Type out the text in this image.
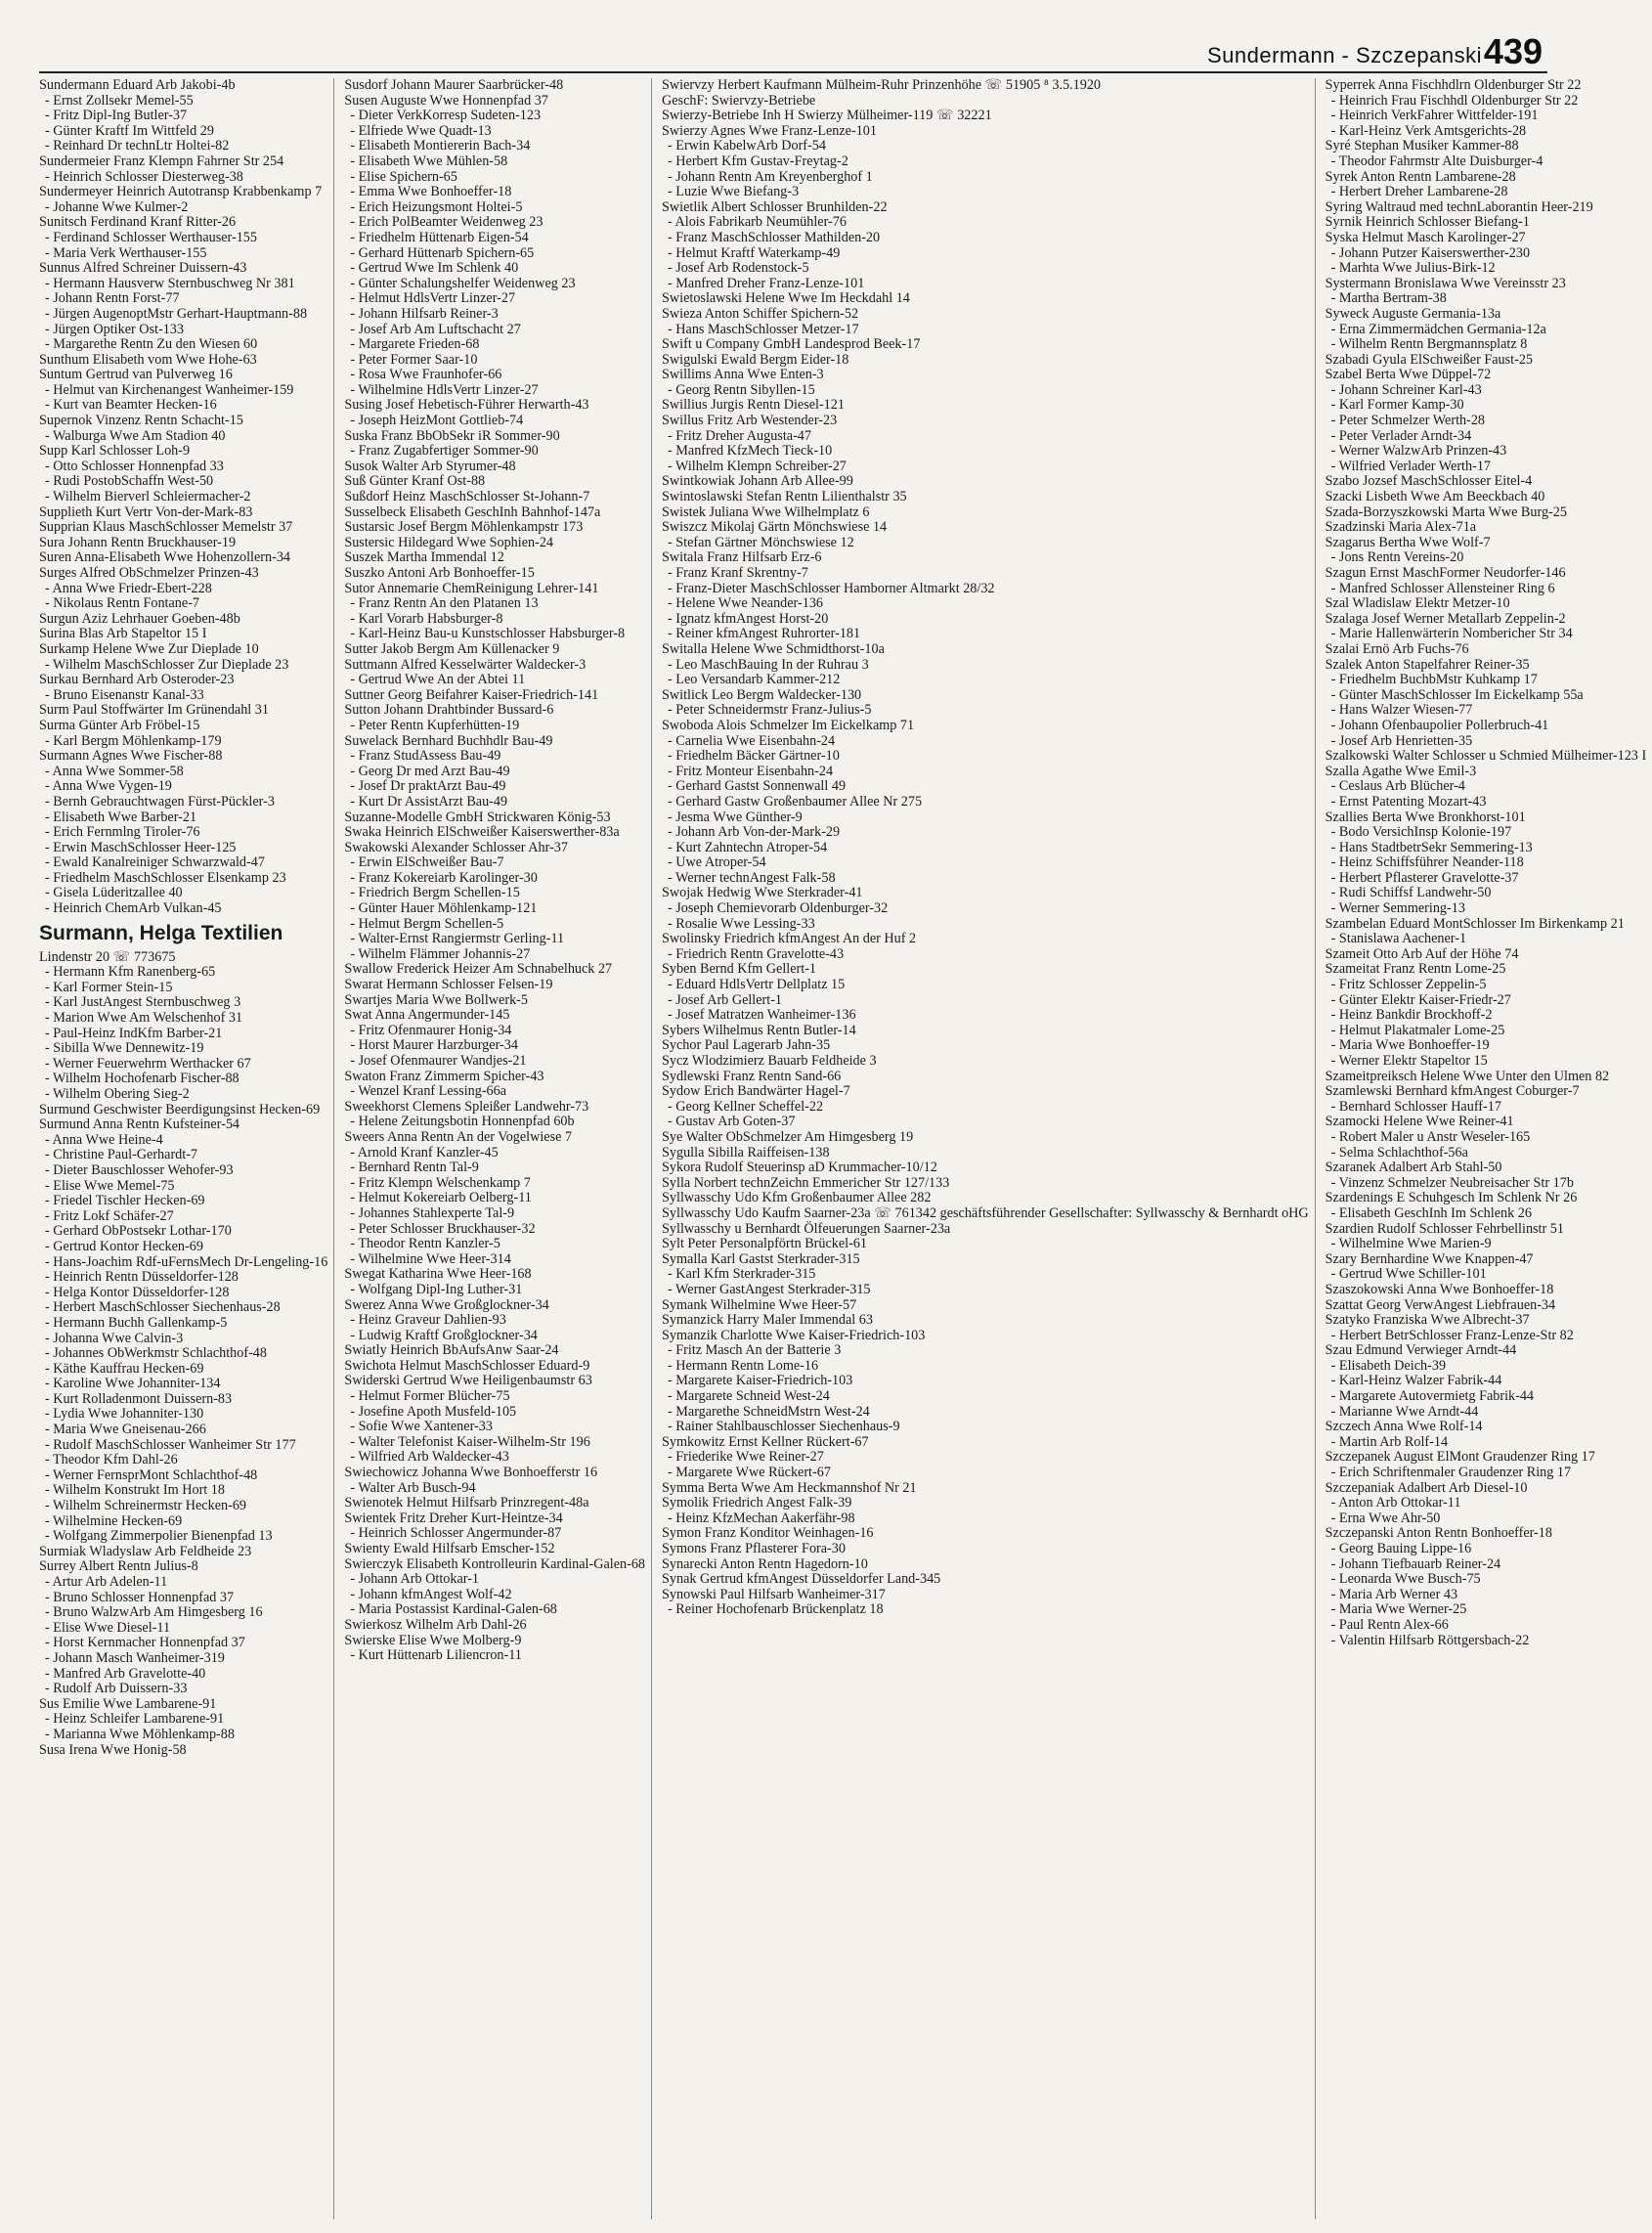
Sundermann - Szczepanski 439
Sundermann Eduard Arb Jakobi-4b
- Ernst Zollsekr Memel-55
- Fritz Dipl-Ing Butler-37
- Günter Kraftf Im Wittfeld 29
- Reinhard Dr technLtr Holtei-82
Sundermeier Franz Klempn Fahrner Str 254
- Heinrich Schlosser Diesterweg-38
Sundermeyer Heinrich Autotransp Krabbenkamp 7
- Johanne Wwe Kulmer-2
Sunitsch Ferdinand Kranf Ritter-26
- Ferdinand Schlosser Werthauser-155
- Maria Verk Werthauser-155
Sunnus Alfred Schreiner Duissern-43
- Hermann Hausverw Sternbuschweg Nr 381
- Johann Rentn Forst-77
- Jürgen AugenoptMstr Gerhart-Hauptmann-88
- Jürgen Optiker Ost-133
- Margarethe Rentn Zu den Wiesen 60
Sunthum Elisabeth vom Wwe Hohe-63
Suntum Gertrud van Pulverweg 16
- Helmut van Kirchenangest Wanheimer-159
- Kurt van Beamter Hecken-16
Supernok Vinzenz Rentn Schacht-15
- Walburga Wwe Am Stadion 40
Supp Karl Schlosser Loh-9
- Otto Schlosser Honnenpfad 33
- Rudi PostobSchaffn West-50
- Wilhelm Bierverl Schleiermacher-2
Supplieth Kurt Vertr Von-der-Mark-83
Supprian Klaus MaschSchlosser Memelstr 37
Sura Johann Rentn Bruckhauser-19
Suren Anna-Elisabeth Wwe Hohenzollern-34
Surges Alfred ObSchmelzer Prinzen-43
- Anna Wwe Friedr-Ebert-228
- Nikolaus Rentn Fontane-7
Surgun Aziz Lehrhauer Goeben-48b
Surina Blas Arb Stapeltor 15 I
Surkamp Helene Wwe Zur Dieplade 10
- Wilhelm MaschSchlosser Zur Dieplade 23
Surkau Bernhard Arb Osteroder-23
- Bruno Eisenanstr Kanal-33
Surm Paul Stoffwärter Im Grünendahl 31
Surma Günter Arb Fröbel-15
- Karl Bergm Möhlenkamp-179
Surmann Agnes Wwe Fischer-88
- Anna Wwe Sommer-58
- Anna Wwe Vygen-19
- Bernh Gebrauchtwagen Fürst-Pückler-3
- Elisabeth Wwe Barber-21
- Erich Fernmlng Tiroler-76
- Erwin MaschSchlosser Heer-125
- Ewald Kanalreiniger Schwarzwald-47
- Friedhelm MaschSchlosser Elsenkamp 23
- Gisela Lüderitzallee 40
- Heinrich ChemArb Vulkan-45
Surmann, Helga Textilien
Lindenstr 20 ☏ 773675
- Hermann Kfm Ranenberg-65
- Karl Former Stein-15
- Karl JustAngest Sternbuschweg 3
- Marion Wwe Am Welschenhof 31
- Paul-Heinz IndKfm Barber-21
- Sibilla Wwe Dennewitz-19
- Werner Feuerwehrm Werthacker 67
- Wilhelm Hochofenarb Fischer-88
- Wilhelm Obering Sieg-2
Surmund Geschwister Beerdigungsinst Hecken-69
Surmund Anna Rentn Kufsteiner-54
- Anna Wwe Heine-4
- Christine Paul-Gerhardt-7
- Dieter Bauschlosser Wehofer-93
- Elise Wwe Memel-75
- Friedel Tischler Hecken-69
- Fritz Lokf Schäfer-27
- Gerhard ObPostsekr Lothar-170
- Gertrud Kontor Hecken-69
- Hans-Joachim Rdf-uFernsMech Dr-Lengeling-16
- Heinrich Rentn Düsseldorfer-128
- Helga Kontor Düsseldorfer-128
- Herbert MaschSchlosser Siechenhaus-28
- Hermann Buchh Gallenkamp-5
- Johanna Wwe Calvin-3
- Johannes ObWerkmstr Schlachthof-48
- Käthe Kauffrau Hecken-69
- Karoline Wwe Johanniter-134
- Kurt Rolladenmont Duissern-83
- Lydia Wwe Johanniter-130
- Maria Wwe Gneisenau-266
- Rudolf MaschSchlosser Wanheimer Str 177
- Theodor Kfm Dahl-26
- Werner FernsprMont Schlachthof-48
- Wilhelm Konstrukt Im Hort 18
- Wilhelm Schreinermstr Hecken-69
- Wilhelmine Hecken-69
- Wolfgang Zimmerpolier Bienenpfad 13
Surmiak Wladyslaw Arb Feldheide 23
Surrey Albert Rentn Julius-8
- Artur Arb Adelen-11
- Bruno Schlosser Honnenpfad 37
- Bruno WalzwArb Am Himgesberg 16
- Elise Wwe Diesel-11
- Horst Kernmacher Honnenpfad 37
- Johann Masch Wanheimer-319
- Manfred Arb Gravelotte-40
- Rudolf Arb Duissern-33
Sus Emilie Wwe Lambarene-91
- Heinz Schleifer Lambarene-91
- Marianna Wwe Möhlenkamp-88
Susa Irena Wwe Honig-58
Susdorf Johann Maurer Saarbrücker-48
Susen Auguste Wwe Honnenpfad 37
- Dieter VerkKorresp Sudeten-123
- Elfriede Wwe Quadt-13
- Elisabeth Montiererin Bach-34
- Elisabeth Wwe Mühlen-58
- Elise Spichern-65
- Emma Wwe Bonhoeffer-18
- Erich Heizungsmont Holtei-5
- Erich PolBeamter Weidenweg 23
- Friedhelm Hüttenarb Eigen-54
- Gerhard Hüttenarb Spichern-65
- Gertrud Wwe Im Schlenk 40
- Günter Schalungshelfer Weidenweg 23
- Helmut HdlsVertr Linzer-27
- Johann Hilfsarb Reiner-3
- Josef Arb Am Luftschacht 27
- Margarete Frieden-68
- Peter Former Saar-10
- Rosa Wwe Fraunhofer-66
- Wilhelmine HdlsVertr Linzer-27
Susing Josef Hebetisch-Führer Herwarth-43
- Joseph HeizMont Gottlieb-74
Suska Franz BbObSekr iR Sommer-90
- Franz Zugabfertiger Sommer-90
Susok Walter Arb Styrumer-48
Suß Günter Kranf Ost-88
Sußdorf Heinz MaschSchlosser St-Johann-7
Susselbeck Elisabeth GeschInh Bahnhof-147a
Sustarsic Josef Bergm Möhlenkampstr 173
Sustersic Hildegard Wwe Sophien-24
Suszek Martha Immendal 12
Suszko Antoni Arb Bonhoeffer-15
Sutor Annemarie ChemReinigung Lehrer-141
- Franz Rentn An den Platanen 13
- Karl Vorarb Habsburger-8
- Karl-Heinz Bau-u Kunstschlosser Habsburger-8
Sutter Jakob Bergm Am Küllenacker 9
Suttmann Alfred Kesselwärter Waldecker-3
- Gertrud Wwe An der Abtei 11
Suttner Georg Beifahrer Kaiser-Friedrich-141
Sutton Johann Drahtbinder Bussard-6
- Peter Rentn Kupferhütten-19
Suwelack Bernhard Buchhdlr Bau-49
- Franz StudAssess Bau-49
- Georg Dr med Arzt Bau-49
- Josef Dr praktArzt Bau-49
- Kurt Dr AssistArzt Bau-49
Suzanne-Modelle GmbH Strickwaren König-53
Swaka Heinrich ElSchweißer Kaiserswerther-83a
Swakowski Alexander Schlosser Ahr-37
- Erwin ElSchweißer Bau-7
- Franz Kokereiarb Karolinger-30
- Friedrich Bergm Schellen-15
- Günter Hauer Möhlenkamp-121
- Helmut Bergm Schellen-5
- Walter-Ernst Rangiermstr Gerling-11
- Wilhelm Flämmer Johannis-27
Swallow Frederick Heizer Am Schnabelhuck 27
Swarat Hermann Schlosser Felsen-19
Swartjes Maria Wwe Bollwerk-5
Swat Anna Angermunder-145
- Fritz Ofenmaurer Honig-34
- Horst Maurer Harzburger-34
- Josef Ofenmaurer Wandjes-21
Swaton Franz Zimmerm Spicher-43
- Wenzel Kranf Lessing-66a
Sweekhorst Clemens Spleißer Landwehr-73
- Helene Zeitungsbotin Honnenpfad 60b
Sweers Anna Rentn An der Vogelwiese 7
- Arnold Kranf Kanzler-45
- Bernhard Rentn Tal-9
- Fritz Klempn Welschenkamp 7
- Helmut Kokereiarb Oelberg-11
- Johannes Stahlexperte Tal-9
- Peter Schlosser Bruckhauser-32
- Theodor Rentn Kanzler-5
- Wilhelmine Wwe Heer-314
Swegat Katharina Wwe Heer-168
- Wolfgang Dipl-Ing Luther-31
Swerez Anna Wwe Großglockner-34
- Heinz Graveur Dahlien-93
- Ludwig Kraftf Großglockner-34
Swiatly Heinrich BbAufsAnw Saar-24
Swichota Helmut MaschSchlosser Eduard-9
Swiderski Gertrud Wwe Heiligenbaumstr 63
- Helmut Former Blücher-75
- Josefine Apoth Musfeld-105
- Sofie Wwe Xantener-33
- Walter Telefonist Kaiser-Wilhelm-Str 196
- Wilfried Arb Waldecker-43
Swiechowicz Johanna Wwe Bonhoefferstr 16
- Walter Arb Busch-94
Swienotek Helmut Hilfsarb Prinzregent-48a
Swientek Fritz Dreher Kurt-Heintze-34
- Heinrich Schlosser Angermunder-87
Swienty Ewald Hilfsarb Emscher-152
Swierczyk Elisabeth Kontrolleurin Kardinal-Galen-68
- Johann Arb Ottokar-1
- Johann kfmAngest Wolf-42
- Maria Postassist Kardinal-Galen-68
Swierkosz Wilhelm Arb Dahl-26
Swierske Elise Wwe Molberg-9
- Kurt Hüttenarb Liliencron-11
Swiervzy Herbert Kaufmann Mülheim-Ruhr Prinzenhöhe ☏ 51905 ⁸ 3.5.1920
GeschF: Swiervzy-Betriebe
Swierzy-Betriebe Inh H Swierzy Mülheimer-119 ☏ 32221
Swierzy Agnes Wwe Franz-Lenze-101
- Erwin KabelwArb Dorf-54
- Herbert Kfm Gustav-Freytag-2
- Johann Rentn Am Kreyenberghof 1
- Luzie Wwe Biefang-3
Swietlik Albert Schlosser Brunhilden-22
- Alois Fabrikarb Neumühler-76
- Franz MaschSchlosser Mathilden-20
- Helmut Kraftf Waterkamp-49
- Josef Arb Rodenstock-5
- Manfred Dreher Franz-Lenze-101
Swietoslawski Helene Wwe Im Heckdahl 14
Swieza Anton Schiffer Spichern-52
- Hans MaschSchlosser Metzer-17
Swift u Company GmbH Landesprod Beek-17
Swigulski Ewald Bergm Eider-18
Swillims Anna Wwe Enten-3
- Georg Rentn Sibyllen-15
Swillius Jurgis Rentn Diesel-121
Swillus Fritz Arb Westender-23
- Fritz Dreher Augusta-47
- Manfred KfzMech Tieck-10
- Wilhelm Klempn Schreiber-27
Swintkowiak Johann Arb Allee-99
Swintoslawski Stefan Rentn Lilienthalstr 35
Swistek Juliana Wwe Wilhelmplatz 6
Swiszcz Mikolaj Gärtn Mönchswiese 14
- Stefan Gärtner Mönchswiese 12
Switala Franz Hilfsarb Erz-6
- Franz Kranf Skrentny-7
- Franz-Dieter MaschSchlosser Hamborner Altmarkt 28/32
- Helene Wwe Neander-136
- Ignatz kfmAngest Horst-20
- Reiner kfmAngest Ruhrorter-181
Switalla Helene Wwe Schmidthorst-10a
- Leo MaschBauing In der Ruhrau 3
- Leo Versandarb Kammer-212
Switlick Leo Bergm Waldecker-130
- Peter Schneidermstr Franz-Julius-5
Swoboda Alois Schmelzer Im Eickelkamp 71
- Carnelia Wwe Eisenbahn-24
- Friedhelm Bäcker Gärtner-10
- Fritz Monteur Eisenbahn-24
- Gerhard Gastst Sonnenwall 49
- Gerhard Gastw Großenbaumer Allee Nr 275
- Jesma Wwe Günther-9
- Johann Arb Von-der-Mark-29
- Kurt Zahntechn Atroper-54
- Uwe Atroper-54
- Werner technAngest Falk-58
Swojak Hedwig Wwe Sterkrader-41
- Joseph Chemievorarb Oldenburger-32
- Rosalie Wwe Lessing-33
Swolinsky Friedrich kfmAngest An der Huf 2
- Friedrich Rentn Gravelotte-43
Syben Bernd Kfm Gellert-1
- Eduard HdlsVertr Dellplatz 15
- Josef Arb Gellert-1
- Josef Matratzen Wanheimer-136
Sybers Wilhelmus Rentn Butler-14
Sychor Paul Lagerarb Jahn-35
Sycz Wlodzimierz Bauarb Feldheide 3
Sydlewski Franz Rentn Sand-66
Sydow Erich Bandwärter Hagel-7
- Georg Kellner Scheffel-22
- Gustav Arb Goten-37
Sye Walter ObSchmelzer Am Himgesberg 19
Sygulla Sibilla Raiffeisen-138
Sykora Rudolf Steuerinsp aD Krummacher-10/12
Sylla Norbert technZeichn Emmericher Str 127/133
Syllwasschy Udo Kfm Großenbaumer Allee 282
Syllwasschy Udo Kaufm Saarner-23a ☏ 761342 geschäftsführender Gesellschafter: Syllwasschy & Bernhardt oHG
Syllwasschy u Bernhardt Ölfeuerungen Saarner-23a
Sylt Peter Personalpförtn Brückel-61
Symalla Karl Gastst Sterkrader-315
- Karl Kfm Sterkrader-315
- Werner GastAngest Sterkrader-315
Symank Wilhelmine Wwe Heer-57
Symanzick Harry Maler Immendal 63
Symanzik Charlotte Wwe Kaiser-Friedrich-103
- Fritz Masch An der Batterie 3
- Hermann Rentn Lome-16
- Margarete Kaiser-Friedrich-103
- Margarete Schneid West-24
- Margarethe SchneidMstrn West-24
- Rainer Stahlbauschlosser Siechenhaus-9
Symkowitz Ernst Kellner Rückert-67
- Friederike Wwe Reiner-27
- Margarete Wwe Rückert-67
Symma Berta Wwe Am Heckmannshof Nr 21
Symolik Friedrich Angest Falk-39
- Heinz KfzMechan Aakerfähr-98
Symon Franz Konditor Weinhagen-16
Symons Franz Pflasterer Fora-30
Synarecki Anton Rentn Hagedorn-10
Synak Gertrud kfmAngest Düsseldorfer Land-345
Synowski Paul Hilfsarb Wanheimer-317
- Reiner Hochofenarb Brückenplatz 18
Syperrek Anna Fischhdlrn Oldenburger Str 22
- Heinrich Frau Fischhdl Oldenburger Str 22
- Heinrich VerkFahrer Wittfelder-191
- Karl-Heinz Verk Amtsgerichts-28
Syré Stephan Musiker Kammer-88
- Theodor Fahrmstr Alte Duisburger-4
Syrek Anton Rentn Lambarene-28
- Herbert Dreher Lambarene-28
Syring Waltraud med technLaborantin Heer-219
Syrnik Heinrich Schlosser Biefang-1
Syska Helmut Masch Karolinger-27
- Johann Putzer Kaiserswerther-230
- Marhta Wwe Julius-Birk-12
Systermann Bronislawa Wwe Vereinsstr 23
- Martha Bertram-38
Syweck Auguste Germania-13a
- Erna Zimmermädchen Germania-12a
- Wilhelm Rentn Bergmannsplatz 8
Szabadi Gyula ElSchweißer Faust-25
Szabel Berta Wwe Düppel-72
- Johann Schreiner Karl-43
- Karl Former Kamp-30
- Peter Schmelzer Werth-28
- Peter Verlader Arndt-34
- Werner WalzwArb Prinzen-43
- Wilfried Verlader Werth-17
Szabo Jozsef MaschSchlosser Eitel-4
Szacki Lisbeth Wwe Am Beeckbach 40
Szada-Borzyszkowski Marta Wwe Burg-25
Szadzinski Maria Alex-71a
Szagarus Bertha Wwe Wolf-7
- Jons Rentn Vereins-20
Szagun Ernst MaschFormer Neudorfer-146
- Manfred Schlosser Allensteiner Ring 6
Szal Wladislaw Elektr Metzer-10
Szalaga Josef Werner Metallarb Zeppelin-2
- Marie Hallenwärterin Nombericher Str 34
Szalai Ernö Arb Fuchs-76
Szalek Anton Stapelfahrer Reiner-35
- Friedhelm BuchbMstr Kuhkamp 17
- Günter MaschSchlosser Im Eickelkamp 55a
- Hans Walzer Wiesen-77
- Johann Ofenbaupolier Pollerbruch-41
- Josef Arb Henrietten-35
Szalkowski Walter Schlosser u Schmied Mülheimer-123 I
Szalla Agathe Wwe Emil-3
- Ceslaus Arb Blücher-4
- Ernst Patenting Mozart-43
Szallies Berta Wwe Bronkhorst-101
- Bodo VersichInsp Kolonie-197
- Hans StadtbetrSekr Semmering-13
- Heinz Schiffsführer Neander-118
- Herbert Pflasterer Gravelotte-37
- Rudi Schiffsf Landwehr-50
- Werner Semmering-13
Szambelan Eduard MontSchlosser Im Birkenkamp 21
- Stanislawa Aachener-1
Szameit Otto Arb Auf der Höhe 74
Szameitat Franz Rentn Lome-25
- Fritz Schlosser Zeppelin-5
- Günter Elektr Kaiser-Friedr-27
- Heinz Bankdir Brockhoff-2
- Helmut Plakatmaler Lome-25
- Maria Wwe Bonhoeffer-19
- Werner Elektr Stapeltor 15
Szameitpreiksch Helene Wwe Unter den Ulmen 82
Szamlewski Bernhard kfmAngest Coburger-7
- Bernhard Schlosser Hauff-17
Szamocki Helene Wwe Reiner-41
- Robert Maler u Anstr Weseler-165
- Selma Schlachthof-56a
Szaranek Adalbert Arb Stahl-50
- Vinzenz Schmelzer Neubreisacher Str 17b
Szardenings E Schuhgesch Im Schlenk Nr 26
- Elisabeth GeschInh Im Schlenk 26
Szardien Rudolf Schlosser Fehrbellinstr 51
- Wilhelmine Wwe Marien-9
Szary Bernhardine Wwe Knappen-47
- Gertrud Wwe Schiller-101
Szaszokowski Anna Wwe Bonhoeffer-18
Szattat Georg VerwAngest Liebfrauen-34
Szatyko Franziska Wwe Albrecht-37
- Herbert BetrSchlosser Franz-Lenze-Str 82
Szau Edmund Verwieger Arndt-44
- Elisabeth Deich-39
- Karl-Heinz Walzer Fabrik-44
- Margarete Autovermietg Fabrik-44
- Marianne Wwe Arndt-44
Szczech Anna Wwe Rolf-14
- Martin Arb Rolf-14
Szczepanek August ElMont Graudenzer Ring 17
- Erich Schriftenmaler Graudenzer Ring 17
Szczepaniak Adalbert Arb Diesel-10
- Anton Arb Ottokar-11
- Erna Wwe Ahr-50
Szczepanski Anton Rentn Bonhoeffer-18
- Georg Bauing Lippe-16
- Johann Tiefbauarb Reiner-24
- Leonarda Wwe Busch-75
- Maria Arb Werner 43
- Maria Wwe Werner-25
- Paul Rentn Alex-66
- Valentin Hilfsarb Röttgersbach-22
